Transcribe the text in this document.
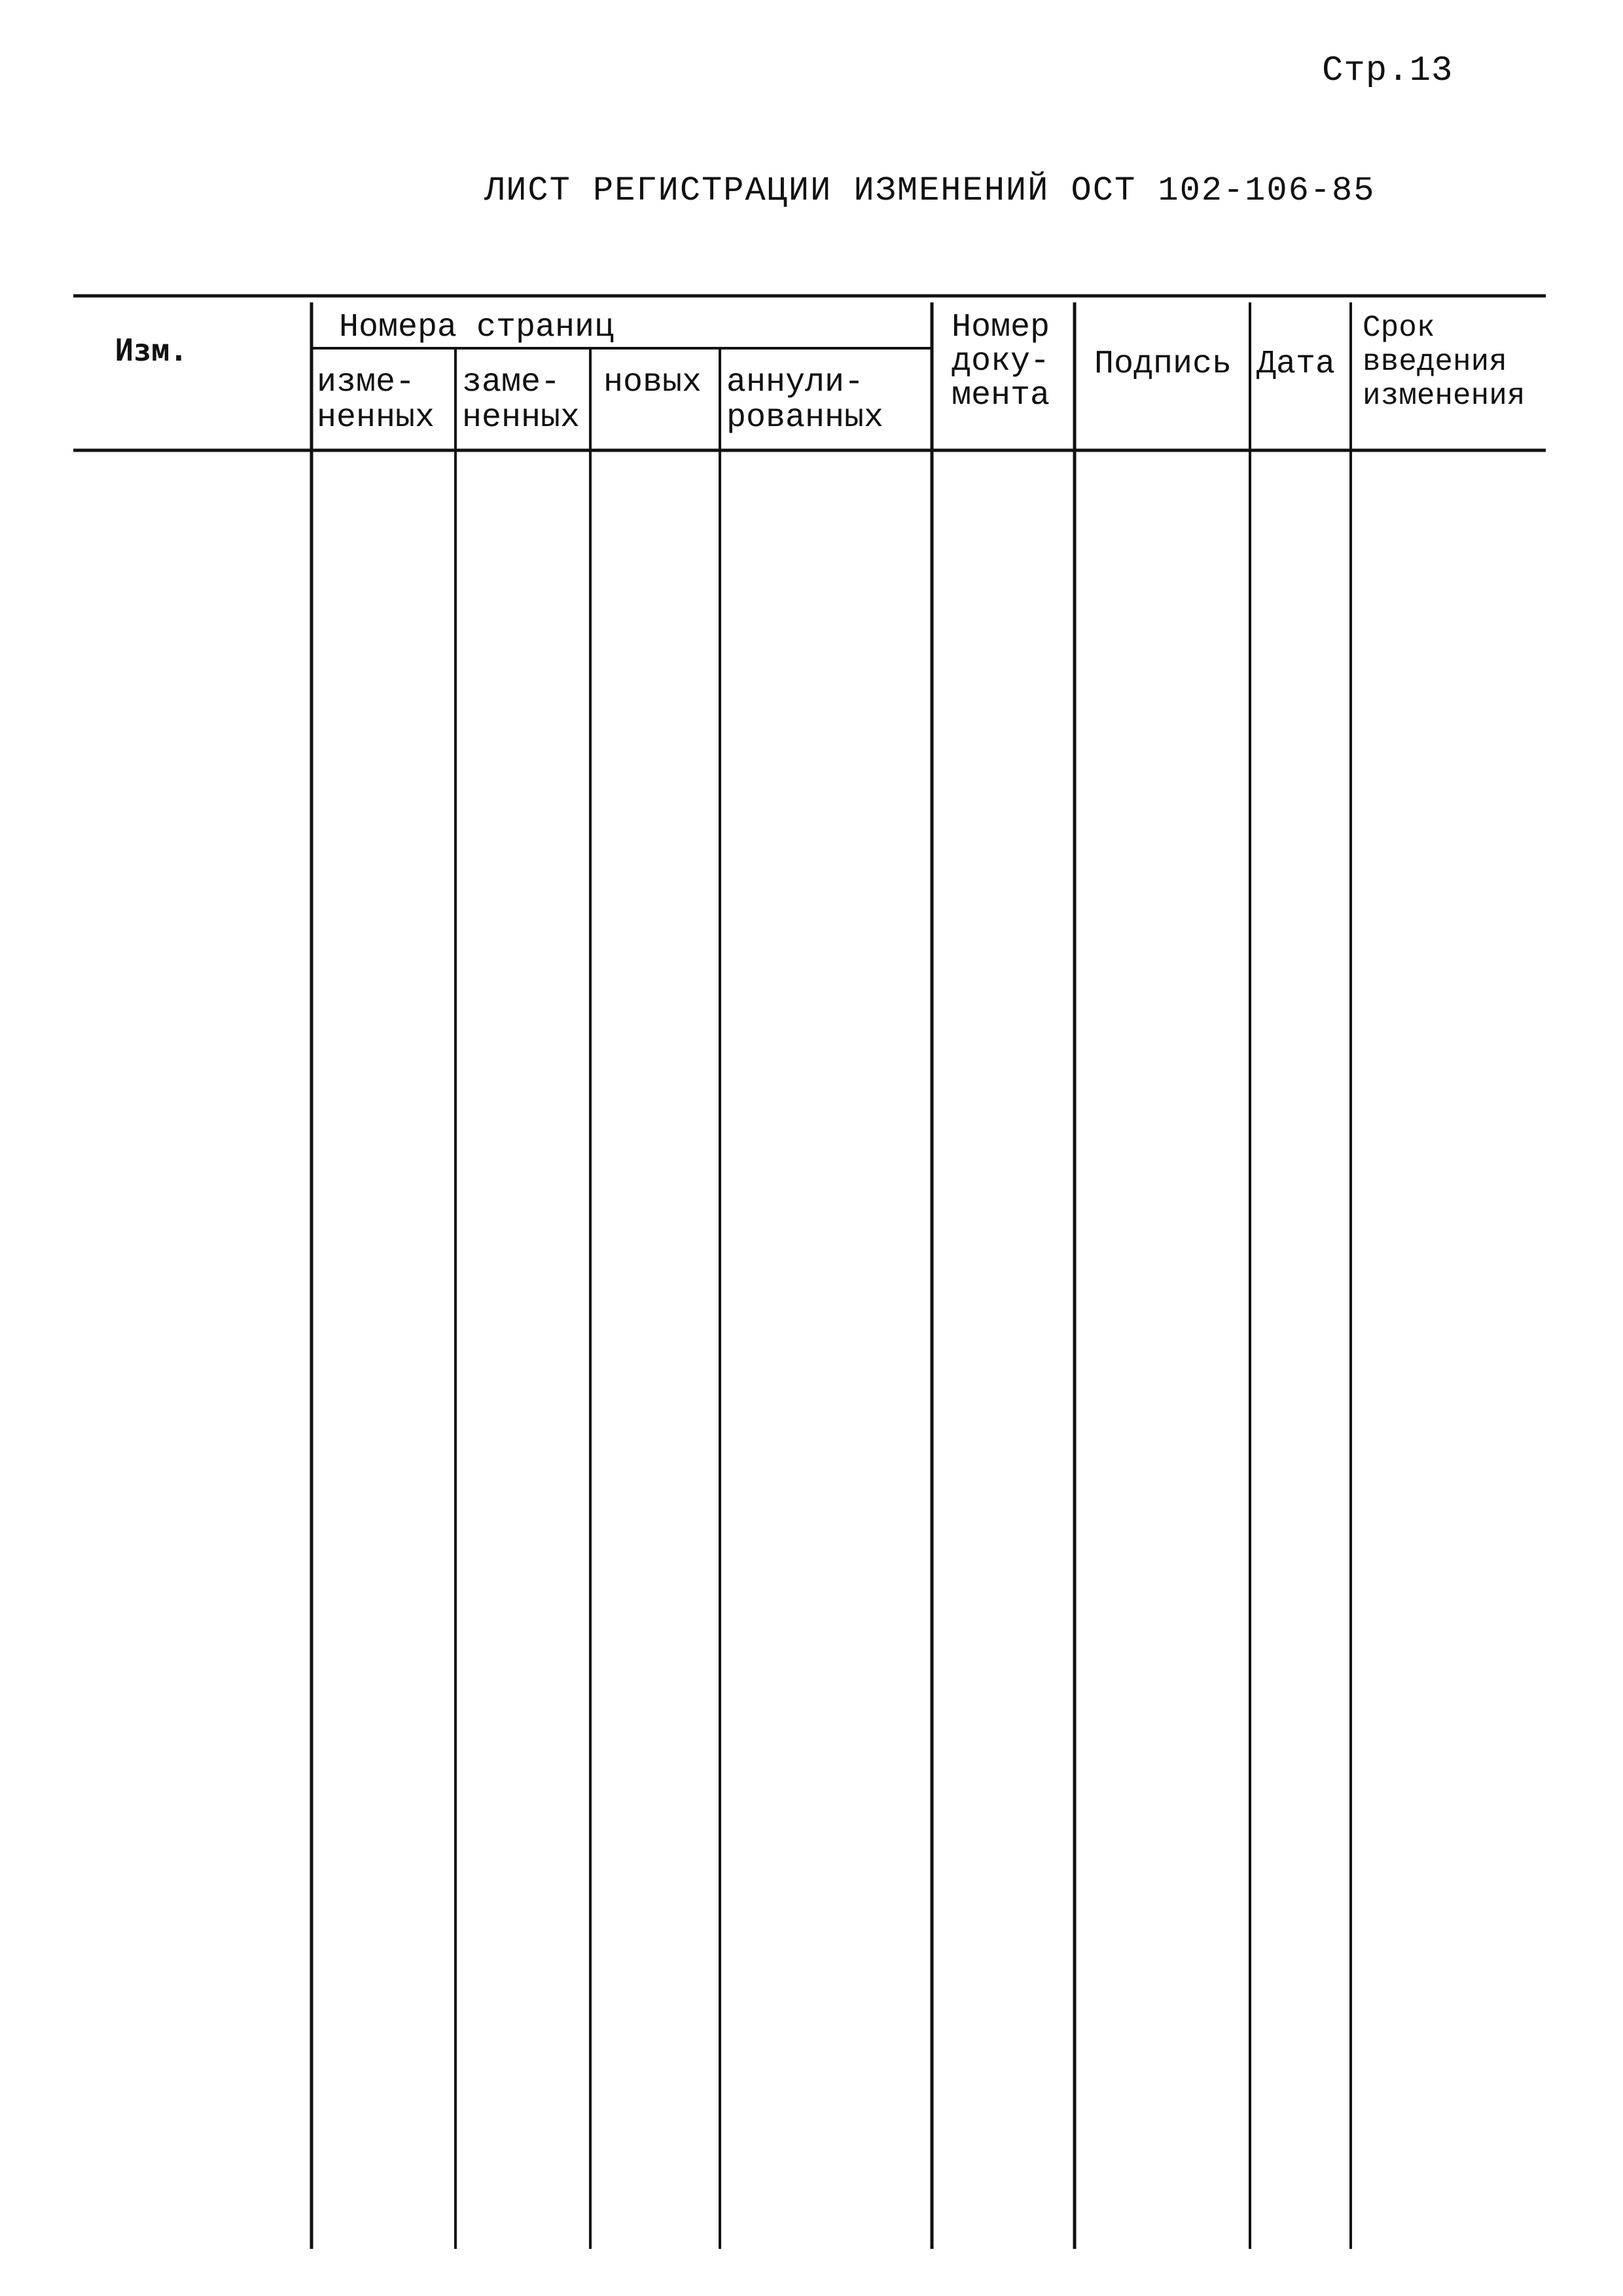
Стр.13
ЛИСТ РЕГИСТРАЦИИ ИЗМЕНЕНИЙ ОСТ 102-106-85
Изм.
Номера страниц
изме-
ненных
заме-
ненных
новых аннули-
рованных
Номер
доку-
мента
Подпись Дата
Срок
введения
изменения
